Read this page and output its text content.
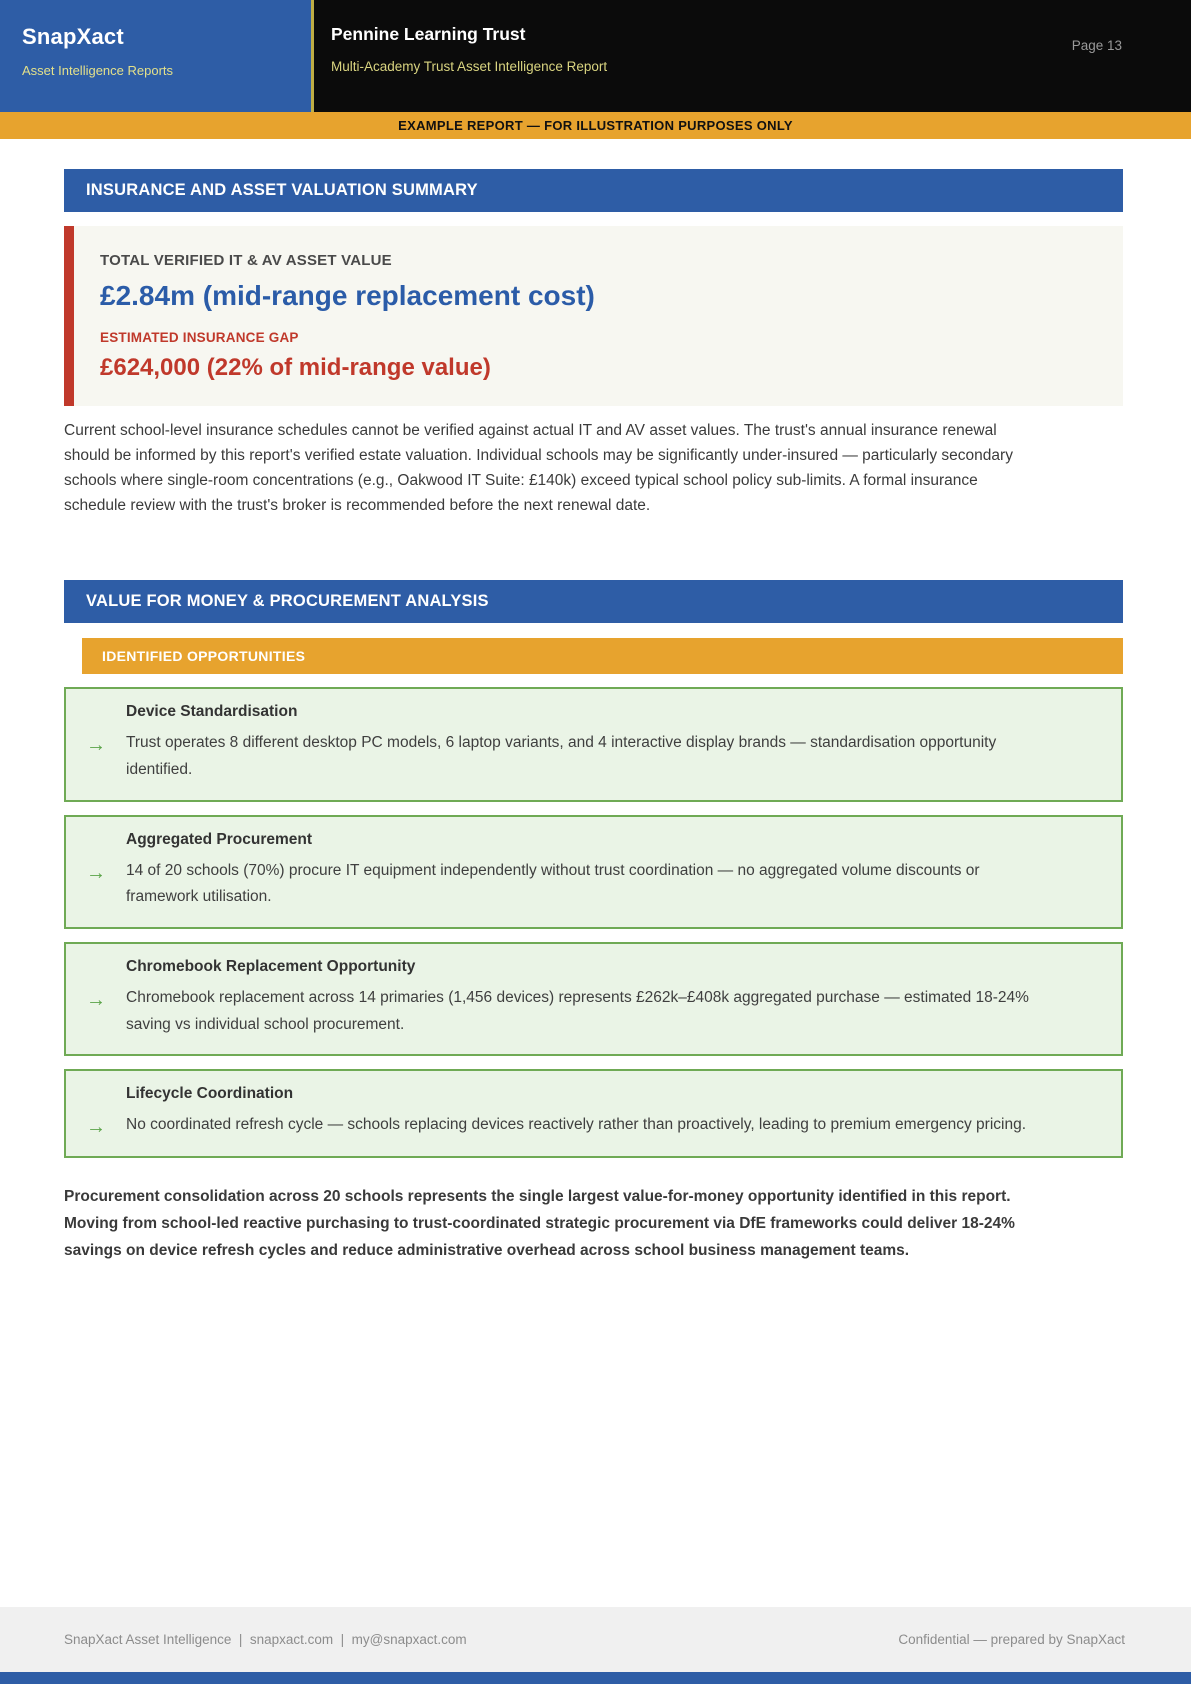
SnapXact
Asset Intelligence Reports
Pennine Learning Trust
Multi-Academy Trust Asset Intelligence Report
Page 13
EXAMPLE REPORT — FOR ILLUSTRATION PURPOSES ONLY
INSURANCE AND ASSET VALUATION SUMMARY
TOTAL VERIFIED IT & AV ASSET VALUE
£2.84m (mid-range replacement cost)
ESTIMATED INSURANCE GAP
£624,000 (22% of mid-range value)

Current school-level insurance schedules cannot be verified against actual IT and AV asset values. The trust's annual insurance renewal should be informed by this report's verified estate valuation. Individual schools may be significantly under-insured — particularly secondary schools where single-room concentrations (e.g., Oakwood IT Suite: £140k) exceed typical school policy sub-limits. A formal insurance schedule review with the trust's broker is recommended before the next renewal date.

VALUE FOR MONEY & PROCUREMENT ANALYSIS
IDENTIFIED OPPORTUNITIES
→
Device Standardisation
Trust operates 8 different desktop PC models, 6 laptop variants, and 4 interactive display brands — standardisation opportunity identified.
→
Aggregated Procurement
14 of 20 schools (70%) procure IT equipment independently without trust coordination — no aggregated volume discounts or framework utilisation.
→
Chromebook Replacement Opportunity
Chromebook replacement across 14 primaries (1,456 devices) represents £262k–£408k aggregated purchase — estimated 18-24% saving vs individual school procurement.
→
Lifecycle Coordination
No coordinated refresh cycle — schools replacing devices reactively rather than proactively, leading to premium emergency pricing.

Procurement consolidation across 20 schools represents the single largest value-for-money opportunity identified in this report. Moving from school-led reactive purchasing to trust-coordinated strategic procurement via DfE frameworks could deliver 18-24% savings on device refresh cycles and reduce administrative overhead across school business management teams.

SnapXact Asset Intelligence  |  snapxact.com  |  my@snapxact.com	Confidential — prepared by SnapXact
